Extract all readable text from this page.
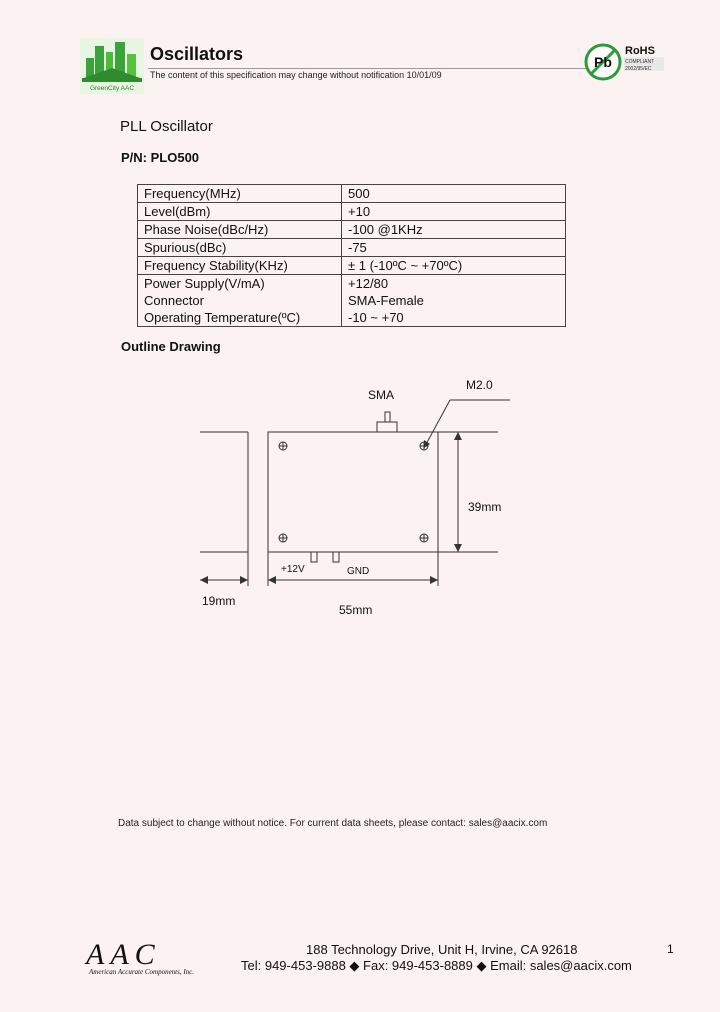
GreenCity AAC
Oscillators
The content of this specification may change without notification 10/01/09
Pb
RoHS
COMPLIANT
2002/95/EC
PLL Oscillator
P/N: PLO500
Frequency(MHz)	500
Level(dBm)	+10
Phase Noise(dBc/Hz)	-100 @1KHz
Spurious(dBc)	-75
Frequency Stability(KHz)	± 1 (-10ºC ~ +70ºC)
Power Supply(V/mA)	+12/80
Connector	SMA-Female
Operating Temperature(ºC)	-10 ~ +70
Outline Drawing
SMA
M2.0
39mm
+12V	GND
19mm
55mm
Data subject to change without notice. For current data sheets, please contact: sales@aacix.com
AAC
American Accurate Components, Inc.
188 Technology Drive, Unit H, Irvine, CA 92618
Tel: 949-453-9888 ◆ Fax: 949-453-8889 ◆ Email: sales@aacix.com
1
